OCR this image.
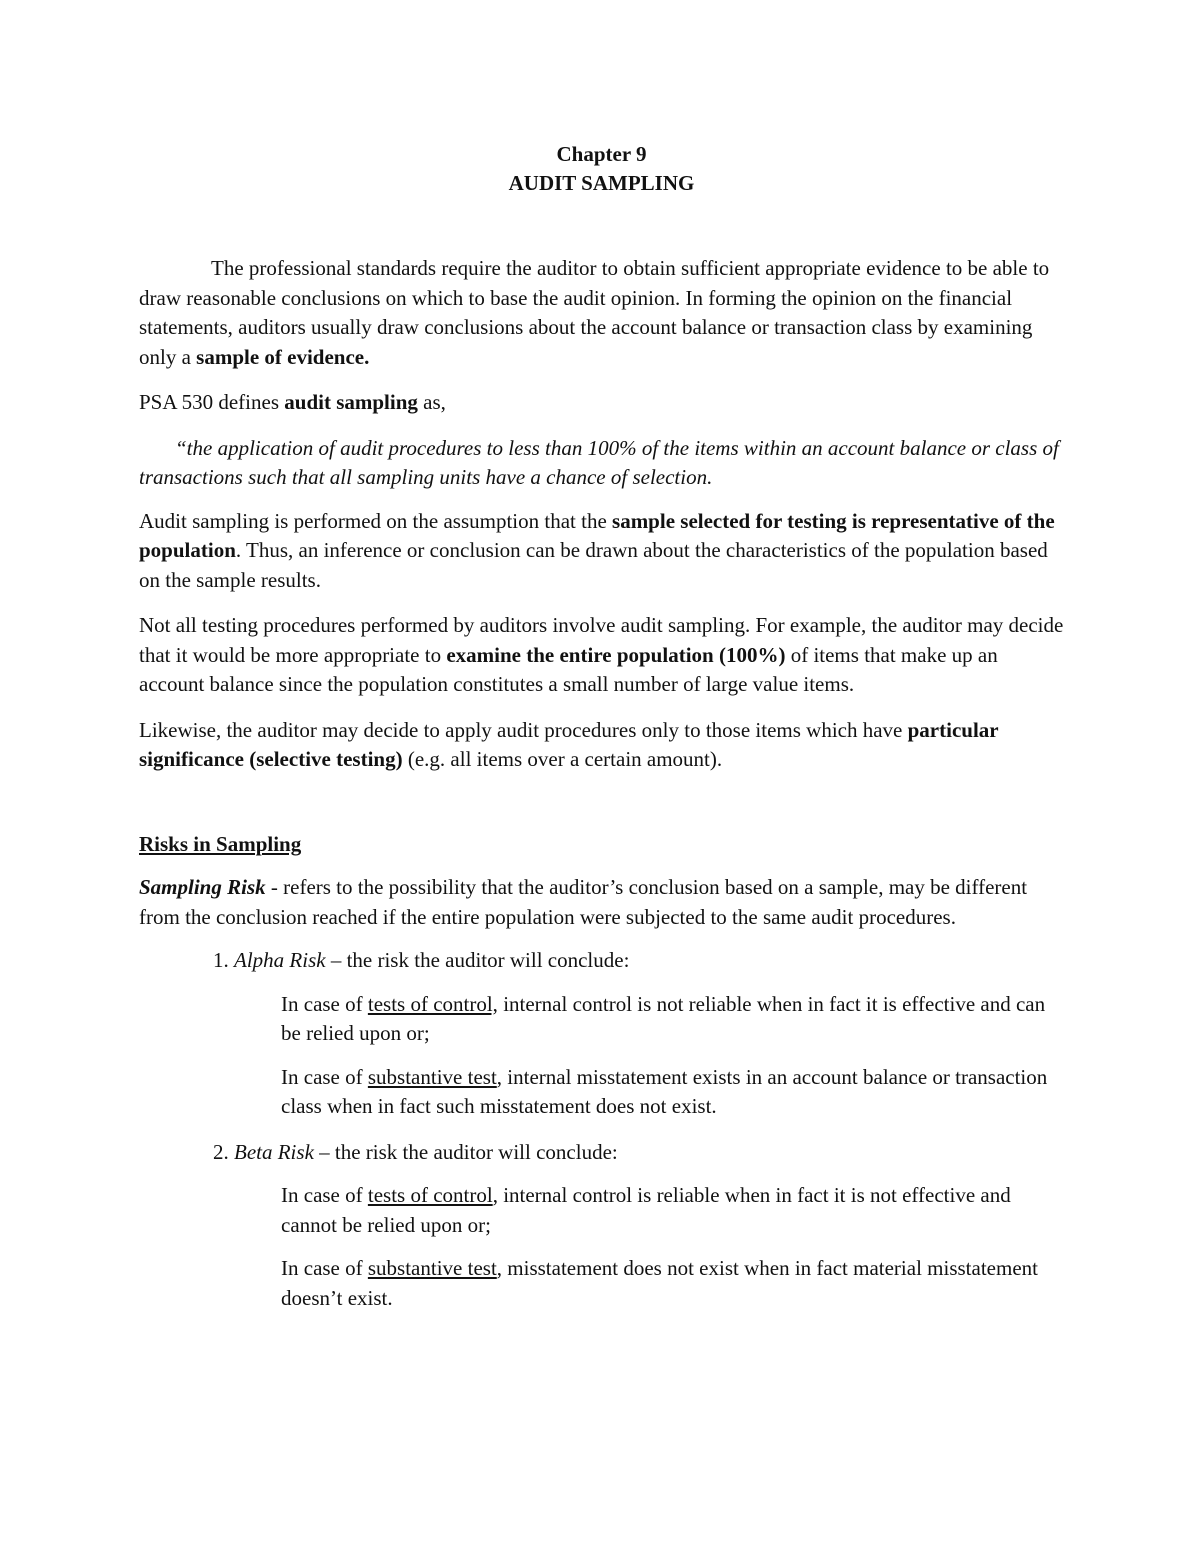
Chapter 9

AUDIT SAMPLING

The professional standards require the auditor to obtain sufficient appropriate evidence to be able to draw reasonable conclusions on which to base the audit opinion. In forming the opinion on the financial statements, auditors usually draw conclusions about the account balance or transaction class by examining only a sample of evidence.

PSA 530 defines audit sampling as,

“the application of audit procedures to less than 100% of the items within an account balance or class of transactions such that all sampling units have a chance of selection.

Audit sampling is performed on the assumption that the sample selected for testing is representative of the population. Thus, an inference or conclusion can be drawn about the characteristics of the population based on the sample results.

Not all testing procedures performed by auditors involve audit sampling. For example, the auditor may decide that it would be more appropriate to examine the entire population (100%) of items that make up an account balance since the population constitutes a small number of large value items.

Likewise, the auditor may decide to apply audit procedures only to those items which have particular significance (selective testing) (e.g. all items over a certain amount).

Risks in Sampling

Sampling Risk - refers to the possibility that the auditor’s conclusion based on a sample, may be different from the conclusion reached if the entire population were subjected to the same audit procedures.

1. Alpha Risk – the risk the auditor will conclude:

In case of tests of control, internal control is not reliable when in fact it is effective and can be relied upon or;

In case of substantive test, internal misstatement exists in an account balance or transaction class when in fact such misstatement does not exist.

2. Beta Risk – the risk the auditor will conclude:

In case of tests of control, internal control is reliable when in fact it is not effective and cannot be relied upon or;

In case of substantive test, misstatement does not exist when in fact material misstatement doesn’t exist.
